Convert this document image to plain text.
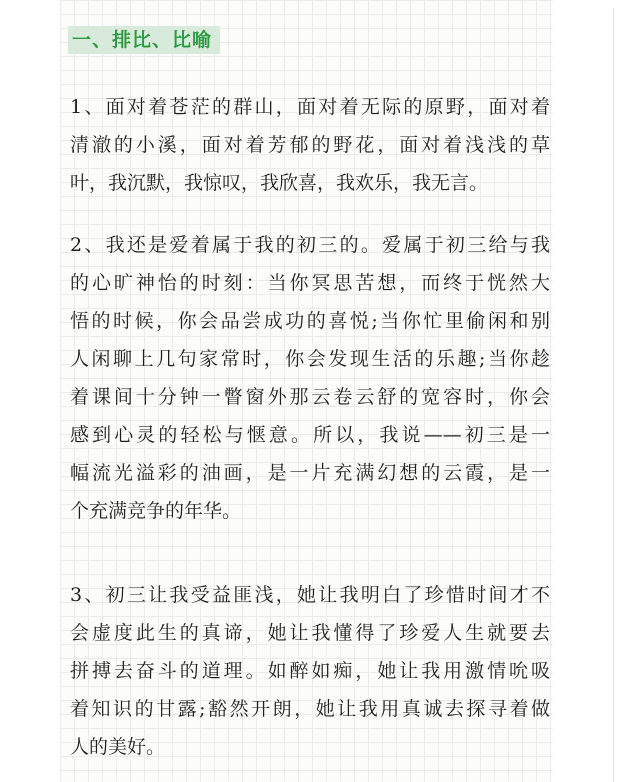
一、排比、比喻
1、面对着苍茫的群山，面对着无际的原野，面对着
清澈的小溪，面对着芳郁的野花，面对着浅浅的草
叶，我沉默，我惊叹，我欣喜，我欢乐，我无言。
2、我还是爱着属于我的初三的。爱属于初三给与我
的心旷神怡的时刻：当你冥思苦想，而终于恍然大
悟的时候，你会品尝成功的喜悦;当你忙里偷闲和别
人闲聊上几句家常时，你会发现生活的乐趣;当你趁
着课间十分钟一瞥窗外那云卷云舒的宽容时，你会
感到心灵的轻松与惬意。所以，我说——初三是一
幅流光溢彩的油画，是一片充满幻想的云霞，是一
个充满竞争的年华。
3、初三让我受益匪浅，她让我明白了珍惜时间才不
会虚度此生的真谛，她让我懂得了珍爱人生就要去
拼搏去奋斗的道理。如醉如痴，她让我用激情吮吸
着知识的甘露;豁然开朗，她让我用真诚去探寻着做
人的美好。
